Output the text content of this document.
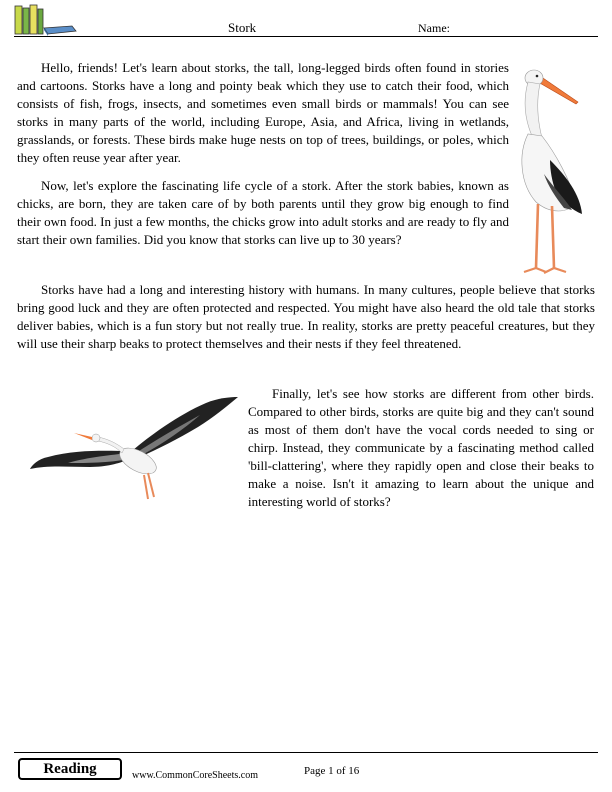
Stork	Name:

Hello, friends! Let's learn about storks, the tall, long-legged birds often found in stories and cartoons. Storks have a long and pointy beak which they use to catch their food, which consists of fish, frogs, insects, and sometimes even small birds or mammals! You can see storks in many parts of the world, including Europe, Asia, and Africa, living in wetlands, grasslands, or forests. These birds make huge nests on top of trees, buildings, or poles, which they often reuse year after year.

Now, let's explore the fascinating life cycle of a stork. After the stork babies, known as chicks, are born, they are taken care of by both parents until they grow big enough to find their own food. In just a few months, the chicks grow into adult storks and are ready to fly and start their own families. Did you know that storks can live up to 30 years?

Storks have had a long and interesting history with humans. In many cultures, people believe that storks bring good luck and they are often protected and respected. You might have also heard the old tale that storks deliver babies, which is a fun story but not really true. In reality, storks are pretty peaceful creatures, but they will use their sharp beaks to protect themselves and their nests if they feel threatened.

Finally, let's see how storks are different from other birds. Compared to other birds, storks are quite big and they can't sound as most of them don't have the vocal cords needed to sing or chirp. Instead, they communicate by a fascinating method called 'bill-clattering', where they rapidly open and close their beaks to make a noise. Isn't it amazing to learn about the unique and interesting world of storks?

Reading	www.CommonCoreSheets.com	Page 1 of 16
